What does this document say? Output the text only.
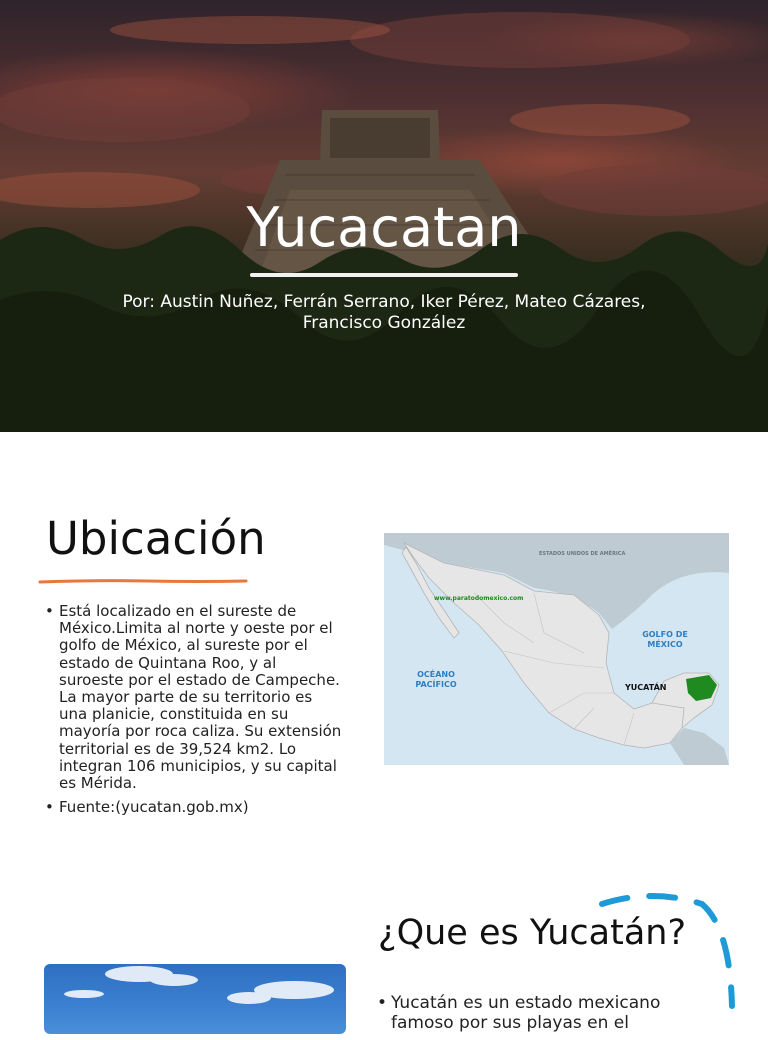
Yucacatan
Por: Austin Nuñez, Ferrán Serrano, Iker Pérez, Mateo Cázares, Francisco González
Ubicación
• Está localizado en el sureste de México.Limita al norte y oeste por el golfo de México, al sureste por el estado de Quintana Roo, y al suroeste por el estado de Campeche. La mayor parte de su territorio es una planicie, constituida en su mayoría por roca caliza. Su extensión territorial es de 39,524 km2. Lo integran 106 municipios, y su capital es Mérida.
• Fuente:(yucatan.gob.mx)
ESTADOS UNIDOS DE AMÉRICA
www.paratodomexico.com
GOLFO DE MÉXICO
OCÉANO PACÍFICO	YUCATÁN
¿Que es Yucatán?
• Yucatán es un estado mexicano famoso por sus playas en el
